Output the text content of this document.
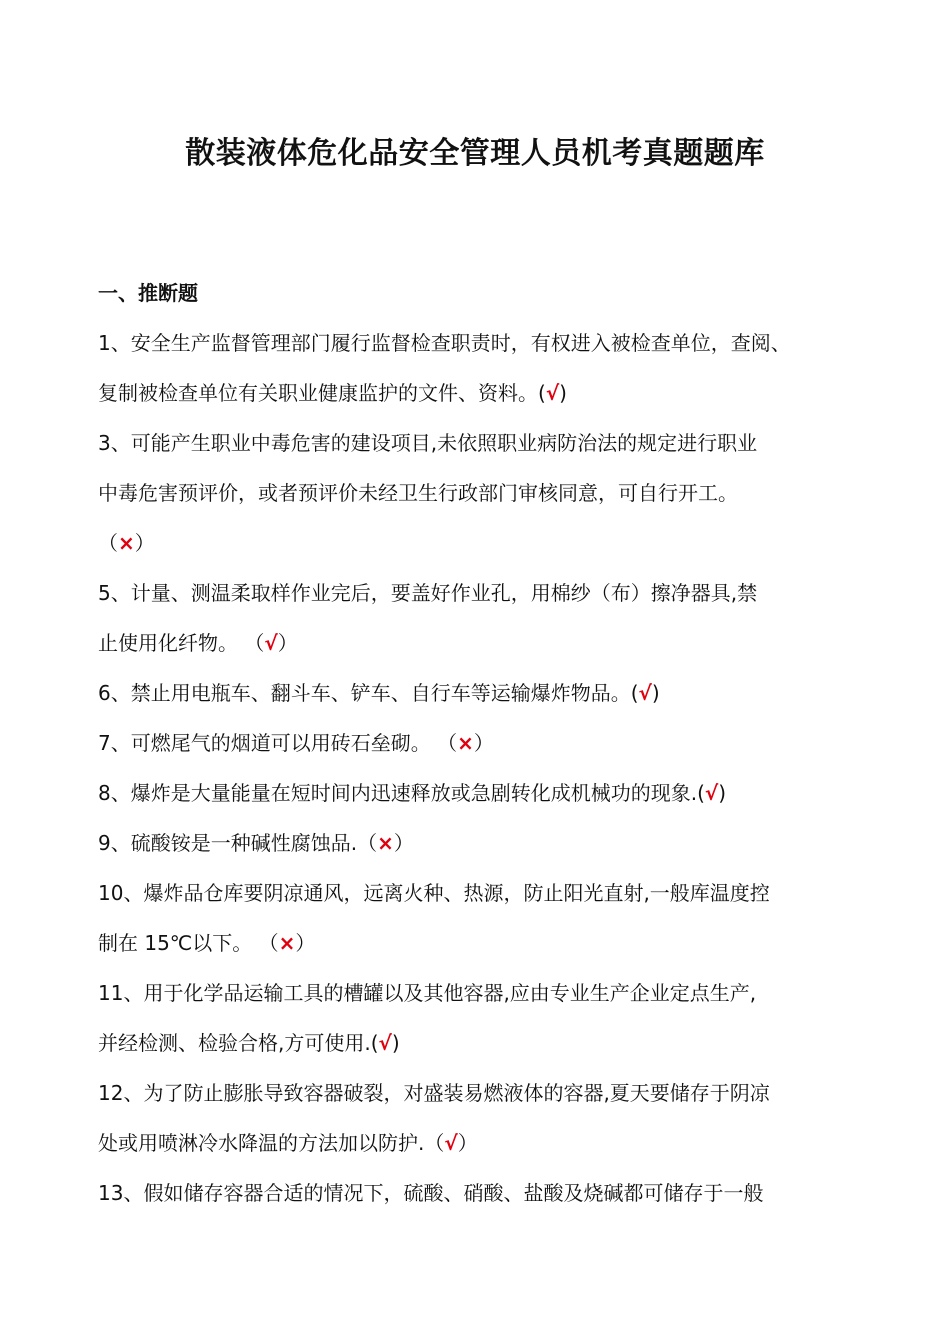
散装液体危化品安全管理人员机考真题题库
一、推断题
1、安全生产监督管理部门履行监督检查职责时，有权进入被检查单位，查阅、
复制被检查单位有关职业健康监护的文件、资料。(√)
3、可能产生职业中毒危害的建设项目,未依照职业病防治法的规定进行职业
中毒危害预评价，或者预评价未经卫生行政部门审核同意，可自行开工。
（×）
5、计量、测温柔取样作业完后，要盖好作业孔，用棉纱（布）擦净器具,禁
止使用化纤物。 （√）
6、禁止用电瓶车、翻斗车、铲车、自行车等运输爆炸物品。(√)
7、可燃尾气的烟道可以用砖石垒砌。 （×）
8、爆炸是大量能量在短时间内迅速释放或急剧转化成机械功的现象.(√)
9、硫酸铵是一种碱性腐蚀品.（×）
10、爆炸品仓库要阴凉通风，远离火种、热源，防止阳光直射,一般库温度控
制在 15℃以下。 （×）
11、用于化学品运输工具的槽罐以及其他容器,应由专业生产企业定点生产,
并经检测、检验合格,方可使用.(√)
12、为了防止膨胀导致容器破裂，对盛装易燃液体的容器,夏天要储存于阴凉
处或用喷淋冷水降温的方法加以防护.（√）
13、假如储存容器合适的情况下，硫酸、硝酸、盐酸及烧碱都可储存于一般
